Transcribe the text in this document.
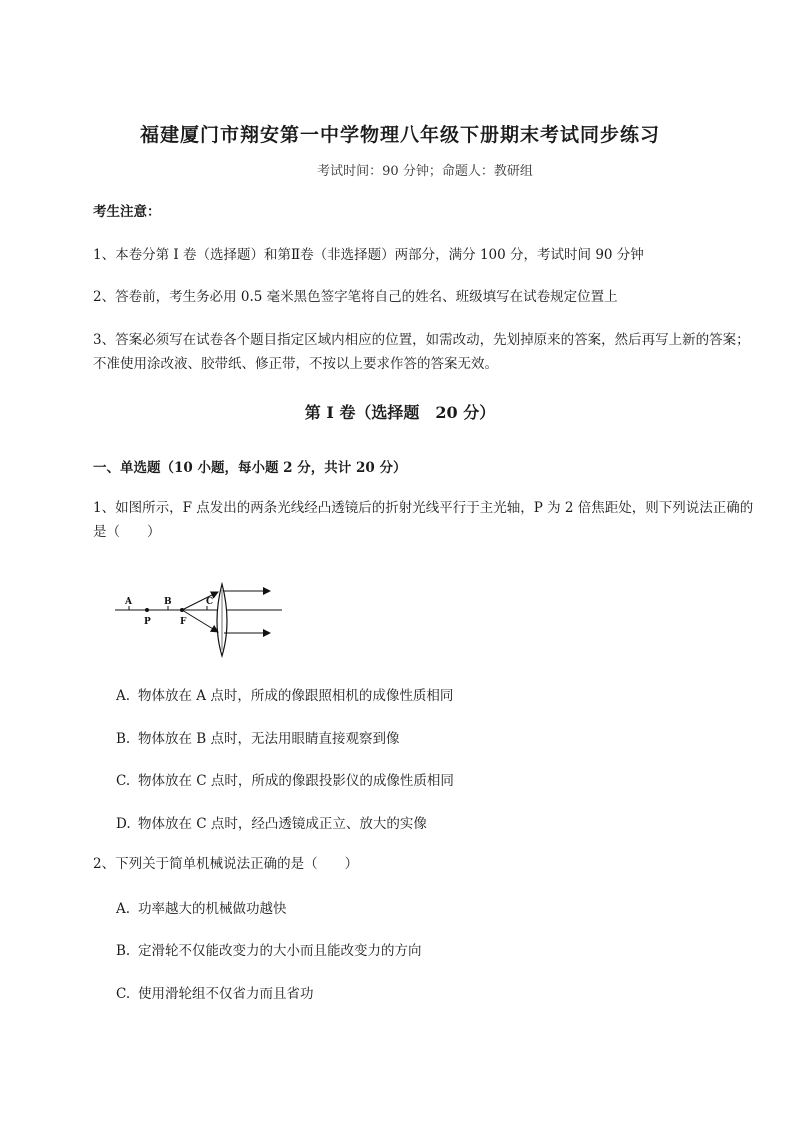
福建厦门市翔安第一中学物理八年级下册期末考试同步练习
考试时间：90 分钟；命题人：教研组
考生注意：
1、本卷分第 I 卷（选择题）和第Ⅱ卷（非选择题）两部分，满分 100 分，考试时间 90 分钟
2、答卷前，考生务必用 0.5 毫米黑色签字笔将自己的姓名、班级填写在试卷规定位置上
3、答案必须写在试卷各个题目指定区域内相应的位置，如需改动，先划掉原来的答案，然后再写上新的答案；不准使用涂改液、胶带纸、修正带，不按以上要求作答的答案无效。
第 I 卷（选择题　20 分）
一、单选题（10 小题，每小题 2 分，共计 20 分）
1、如图所示，F 点发出的两条光线经凸透镜后的折射光线平行于主光轴，P 为 2 倍焦距处，则下列说法正确的是（　　）
A	B	C
P	F
A. 物体放在 A 点时，所成的像跟照相机的成像性质相同
B. 物体放在 B 点时，无法用眼睛直接观察到像
C. 物体放在 C 点时，所成的像跟投影仪的成像性质相同
D. 物体放在 C 点时，经凸透镜成正立、放大的实像
2、下列关于简单机械说法正确的是（　　）
A. 功率越大的机械做功越快
B. 定滑轮不仅能改变力的大小而且能改变力的方向
C. 使用滑轮组不仅省力而且省功
